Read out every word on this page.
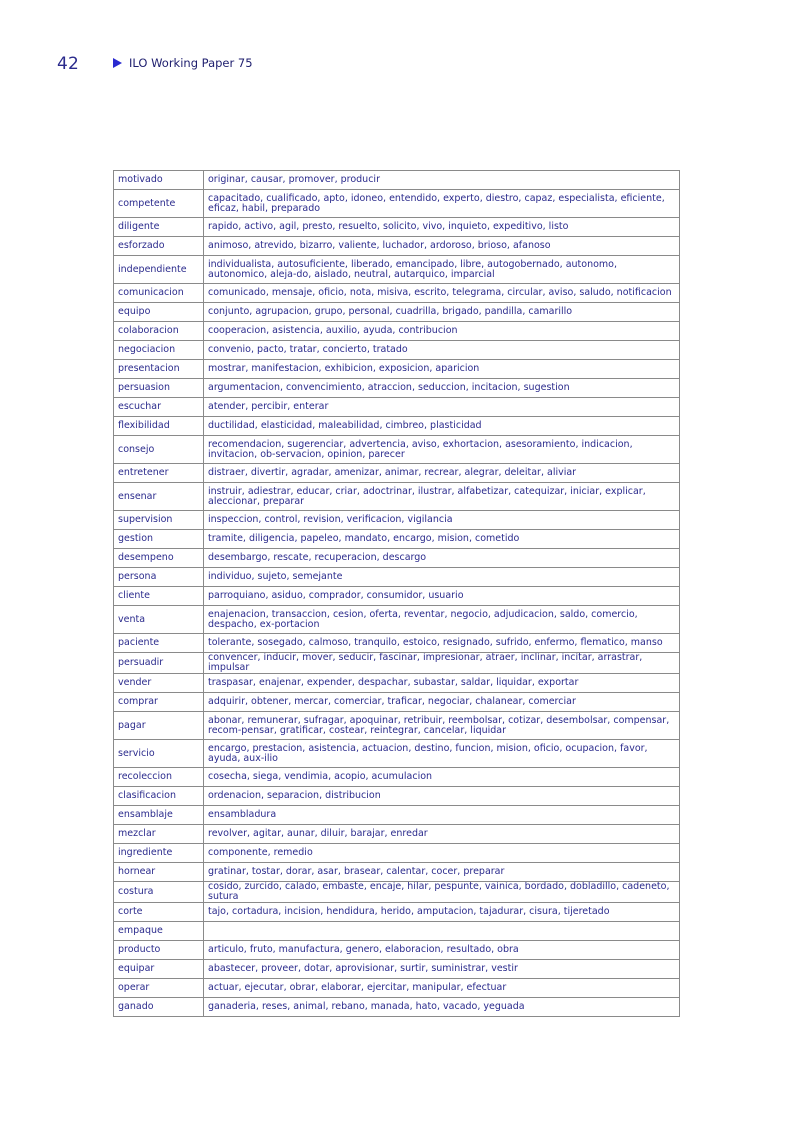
42	ILO Working Paper 75
motivado	originar, causar, promover, producir
competente	capacitado, cualificado, apto, idoneo, entendido, experto, diestro, capaz, especialista, eficiente, eficaz, habil, preparado
diligente	rapido, activo, agil, presto, resuelto, solicito, vivo, inquieto, expeditivo, listo
esforzado	animoso, atrevido, bizarro, valiente, luchador, ardoroso, brioso, afanoso
independiente	individualista, autosuficiente, liberado, emancipado, libre, autogobernado, autonomo, autonomico, aleja-do, aislado, neutral, autarquico, imparcial
comunicacion	comunicado, mensaje, oficio, nota, misiva, escrito, telegrama, circular, aviso, saludo, notificacion
equipo	conjunto, agrupacion, grupo, personal, cuadrilla, brigado, pandilla, camarillo
colaboracion	cooperacion, asistencia, auxilio, ayuda, contribucion
negociacion	convenio, pacto, tratar, concierto, tratado
presentacion	mostrar, manifestacion, exhibicion, exposicion, aparicion
persuasion	argumentacion, convencimiento, atraccion, seduccion, incitacion, sugestion
escuchar	atender, percibir, enterar
flexibilidad	ductilidad, elasticidad, maleabilidad, cimbreo, plasticidad
consejo	recomendacion, sugerenciar, advertencia, aviso, exhortacion, asesoramiento, indicacion, invitacion, ob-servacion, opinion, parecer
entretener	distraer, divertir, agradar, amenizar, animar, recrear, alegrar, deleitar, aliviar
ensenar	instruir, adiestrar, educar, criar, adoctrinar, ilustrar, alfabetizar, catequizar, iniciar, explicar, aleccionar, preparar
supervision	inspeccion, control, revision, verificacion, vigilancia
gestion	tramite, diligencia, papeleo, mandato, encargo, mision, cometido
desempeno	desembargo, rescate, recuperacion, descargo
persona	individuo, sujeto, semejante
cliente	parroquiano, asiduo, comprador, consumidor, usuario
venta	enajenacion, transaccion, cesion, oferta, reventar, negocio, adjudicacion, saldo, comercio, despacho, ex-portacion
paciente	tolerante, sosegado, calmoso, tranquilo, estoico, resignado, sufrido, enfermo, flematico, manso
persuadir	convencer, inducir, mover, seducir, fascinar, impresionar, atraer, inclinar, incitar, arrastrar, impulsar
vender	traspasar, enajenar, expender, despachar, subastar, saldar, liquidar, exportar
comprar	adquirir, obtener, mercar, comerciar, traficar, negociar, chalanear, comerciar
pagar	abonar, remunerar, sufragar, apoquinar, retribuir, reembolsar, cotizar, desembolsar, compensar, recom-pensar, gratificar, costear, reintegrar, cancelar, liquidar
servicio	encargo, prestacion, asistencia, actuacion, destino, funcion, mision, oficio, ocupacion, favor, ayuda, aux-ilio
recoleccion	cosecha, siega, vendimia, acopio, acumulacion
clasificacion	ordenacion, separacion, distribucion
ensamblaje	ensambladura
mezclar	revolver, agitar, aunar, diluir, barajar, enredar
ingrediente	componente, remedio
hornear	gratinar, tostar, dorar, asar, brasear, calentar, cocer, preparar
costura	cosido, zurcido, calado, embaste, encaje, hilar, pespunte, vainica, bordado, dobladillo, cadeneto, sutura
corte	tajo, cortadura, incision, hendidura, herido, amputacion, tajadurar, cisura, tijeretado
empaque	
producto	articulo, fruto, manufactura, genero, elaboracion, resultado, obra
equipar	abastecer, proveer, dotar, aprovisionar, surtir, suministrar, vestir
operar	actuar, ejecutar, obrar, elaborar, ejercitar, manipular, efectuar
ganado	ganaderia, reses, animal, rebano, manada, hato, vacado, yeguada
